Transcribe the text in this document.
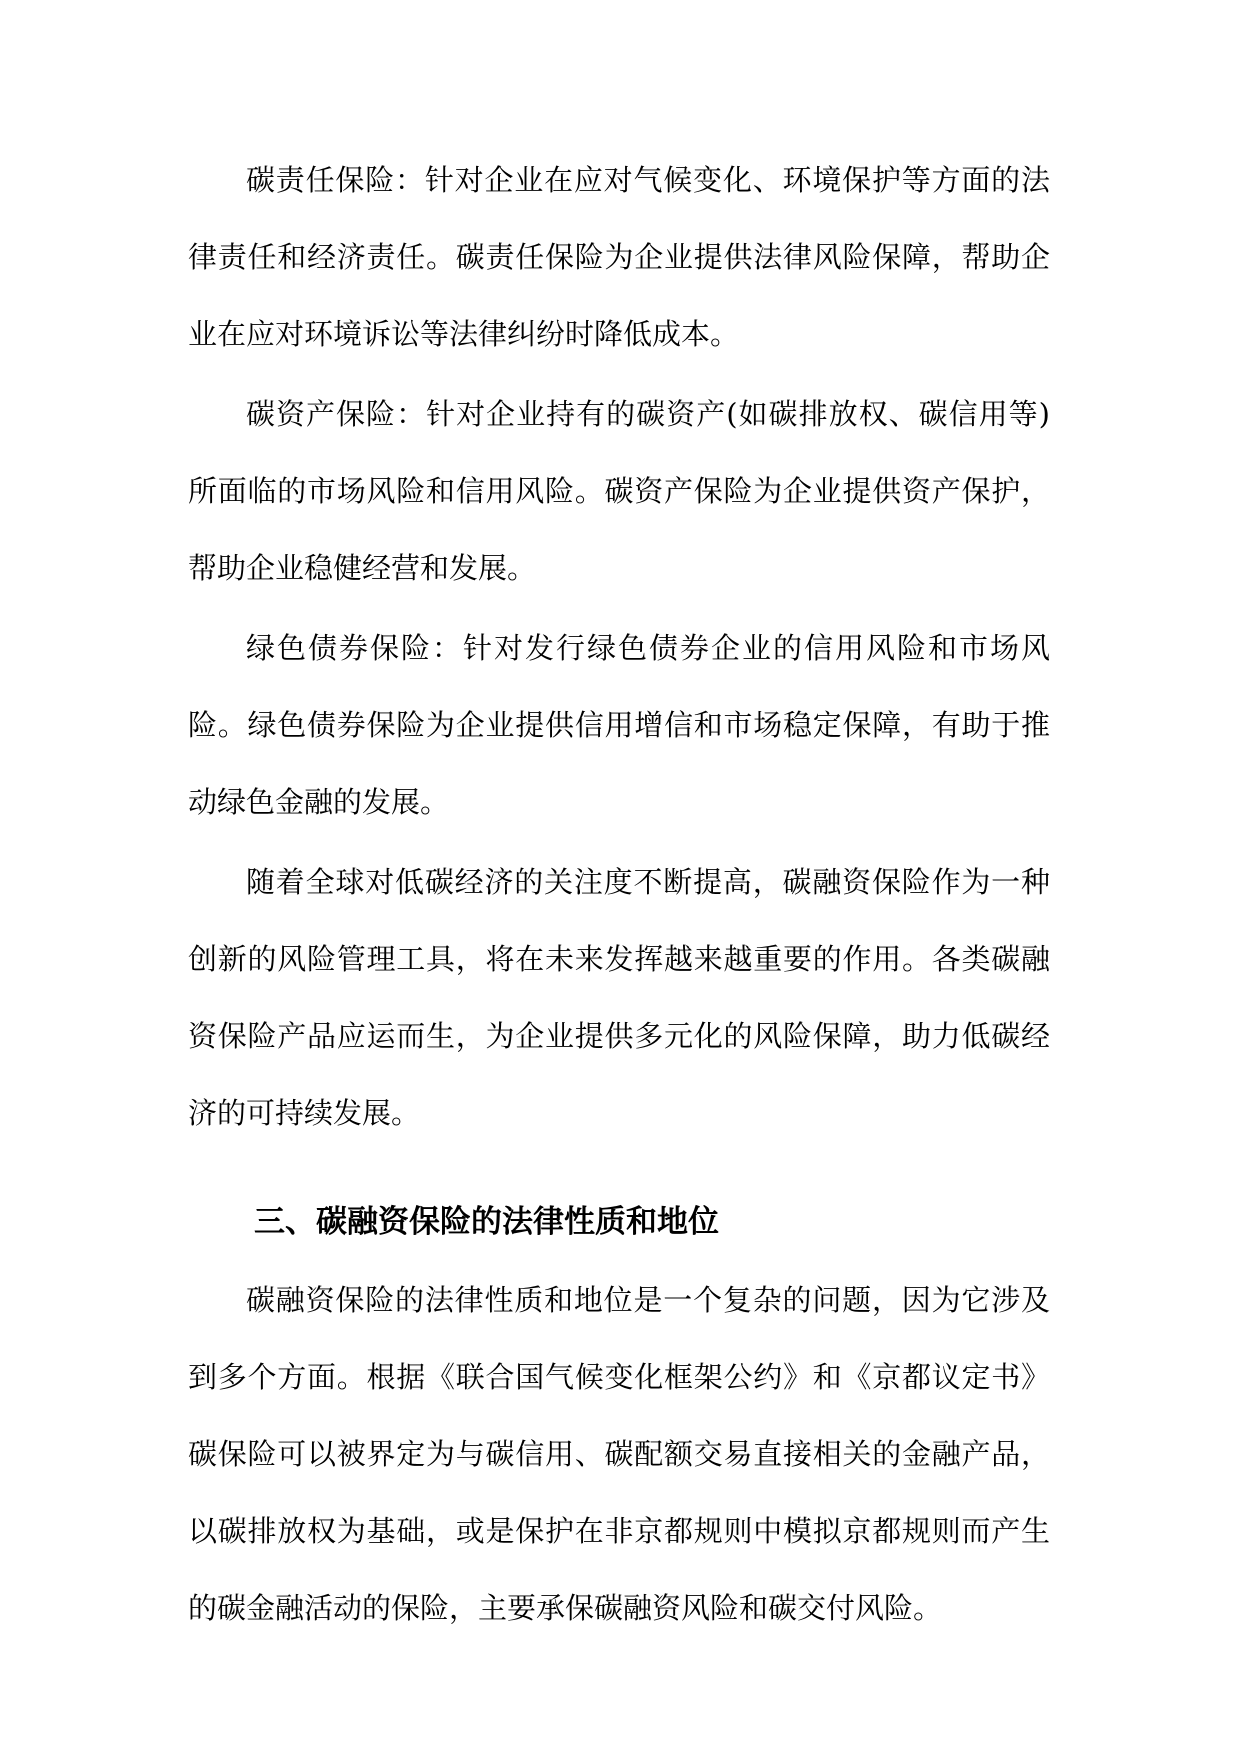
碳责任保险：针对企业在应对气候变化、环境保护等方面的法律责任和经济责任。碳责任保险为企业提供法律风险保障，帮助企业在应对环境诉讼等法律纠纷时降低成本。

碳资产保险：针对企业持有的碳资产(如碳排放权、碳信用等)所面临的市场风险和信用风险。碳资产保险为企业提供资产保护，帮助企业稳健经营和发展。

绿色债券保险：针对发行绿色债券企业的信用风险和市场风险。绿色债券保险为企业提供信用增信和市场稳定保障，有助于推动绿色金融的发展。

随着全球对低碳经济的关注度不断提高，碳融资保险作为一种创新的风险管理工具，将在未来发挥越来越重要的作用。各类碳融资保险产品应运而生，为企业提供多元化的风险保障，助力低碳经济的可持续发展。

三、碳融资保险的法律性质和地位

碳融资保险的法律性质和地位是一个复杂的问题，因为它涉及到多个方面。根据《联合国气候变化框架公约》和《京都议定书》碳保险可以被界定为与碳信用、碳配额交易直接相关的金融产品，以碳排放权为基础，或是保护在非京都规则中模拟京都规则而产生的碳金融活动的保险，主要承保碳融资风险和碳交付风险。
